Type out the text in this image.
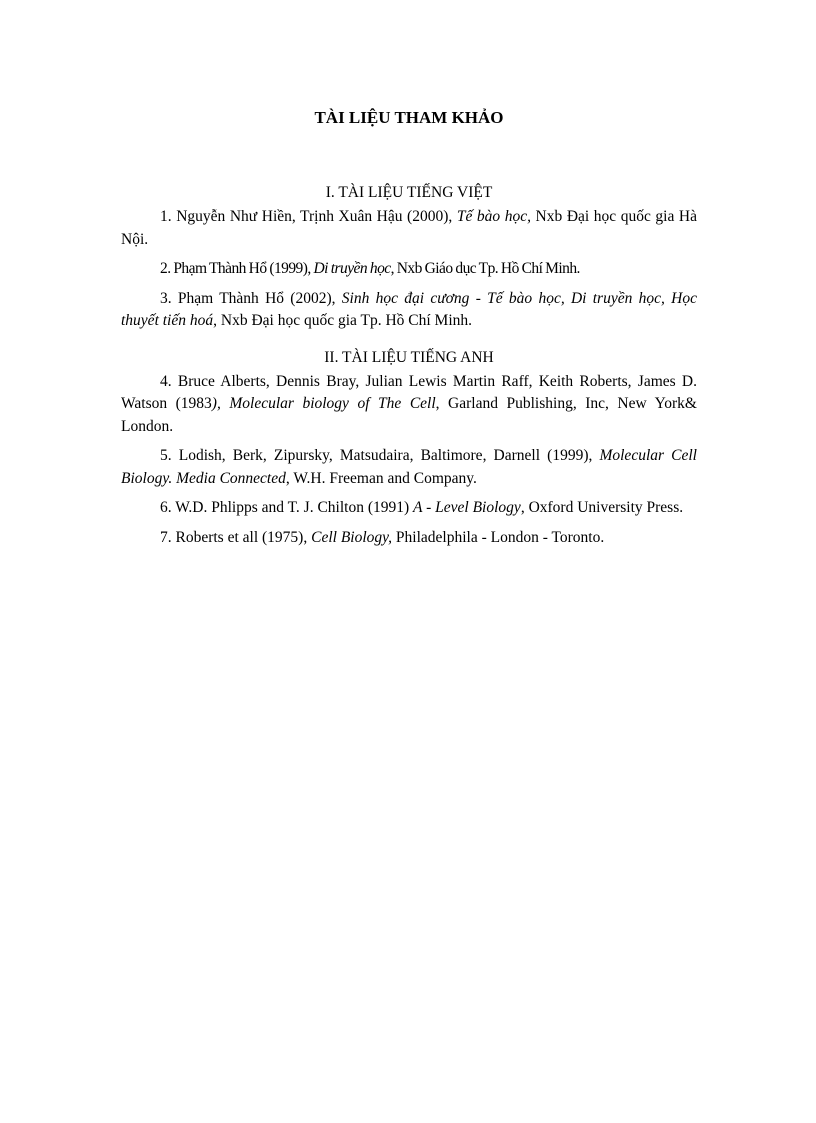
TÀI LIỆU THAM KHẢO

I. TÀI LIỆU TIẾNG VIỆT

1. Nguyễn Như Hiền, Trịnh Xuân Hậu (2000), Tế bào học, Nxb Đại học quốc gia Hà Nội.

2. Phạm Thành Hổ (1999), Di truyền học, Nxb Giáo dục Tp. Hồ Chí Minh.

3. Phạm Thành Hổ (2002), Sinh học đại cương - Tế bào học, Di truyền học, Học thuyết tiến hoá, Nxb Đại học quốc gia Tp. Hồ Chí Minh.

II. TÀI LIỆU TIẾNG ANH

4. Bruce Alberts, Dennis Bray, Julian Lewis Martin Raff, Keith Roberts, James D. Watson (1983), Molecular biology of The Cell, Garland Publishing, Inc, New York& London.

5. Lodish, Berk, Zipursky, Matsudaira, Baltimore, Darnell (1999), Molecular Cell Biology. Media Connected, W.H. Freeman and Company.

6. W.D. Phlipps and T. J. Chilton (1991) A - Level Biology, Oxford University Press.

7. Roberts et all (1975), Cell Biology, Philadelphila - London - Toronto.
